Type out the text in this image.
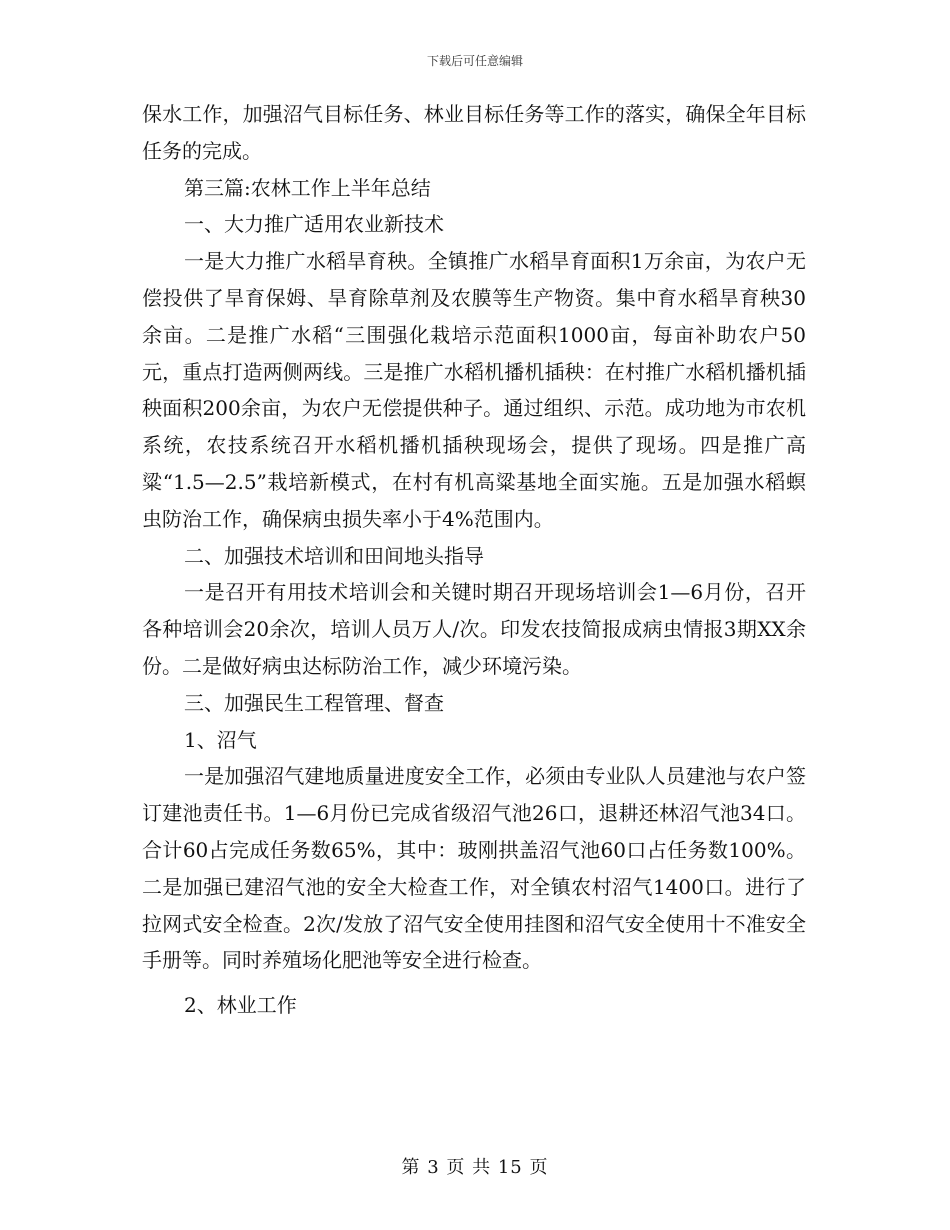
下载后可任意编辑

保水工作，加强沼气目标任务、林业目标任务等工作的落实，确保全年目标任务的完成。

第三篇:农林工作上半年总结

一、大力推广适用农业新技术

一是大力推广水稻旱育秧。全镇推广水稻旱育面积1万余亩，为农户无偿投供了旱育保姆、旱育除草剂及农膜等生产物资。集中育水稻旱育秧30余亩。二是推广水稻“三围强化栽培示范面积1000亩，每亩补助农户50元，重点打造两侧两线。三是推广水稻机播机插秧：在村推广水稻机播机插秧面积200余亩，为农户无偿提供种子。通过组织、示范。成功地为市农机系统，农技系统召开水稻机播机插秧现场会，提供了现场。四是推广高粱“1.5—2.5”栽培新模式，在村有机高粱基地全面实施。五是加强水稻螟虫防治工作，确保病虫损失率小于4%范围内。

二、加强技术培训和田间地头指导

一是召开有用技术培训会和关键时期召开现场培训会1—6月份，召开各种培训会20余次，培训人员万人/次。印发农技简报成病虫情报3期XX余份。二是做好病虫达标防治工作，减少环境污染。

三、加强民生工程管理、督查

1、沼气

一是加强沼气建地质量进度安全工作，必须由专业队人员建池与农户签订建池责任书。1—6月份已完成省级沼气池26口，退耕还林沼气池34口。合计60占完成任务数65%，其中：玻刚拱盖沼气池60口占任务数100%。二是加强已建沼气池的安全大检查工作，对全镇农村沼气1400口。进行了拉网式安全检查。2次/发放了沼气安全使用挂图和沼气安全使用十不准安全手册等。同时养殖场化肥池等安全进行检查。

2、林业工作

第 3 页 共 15 页
